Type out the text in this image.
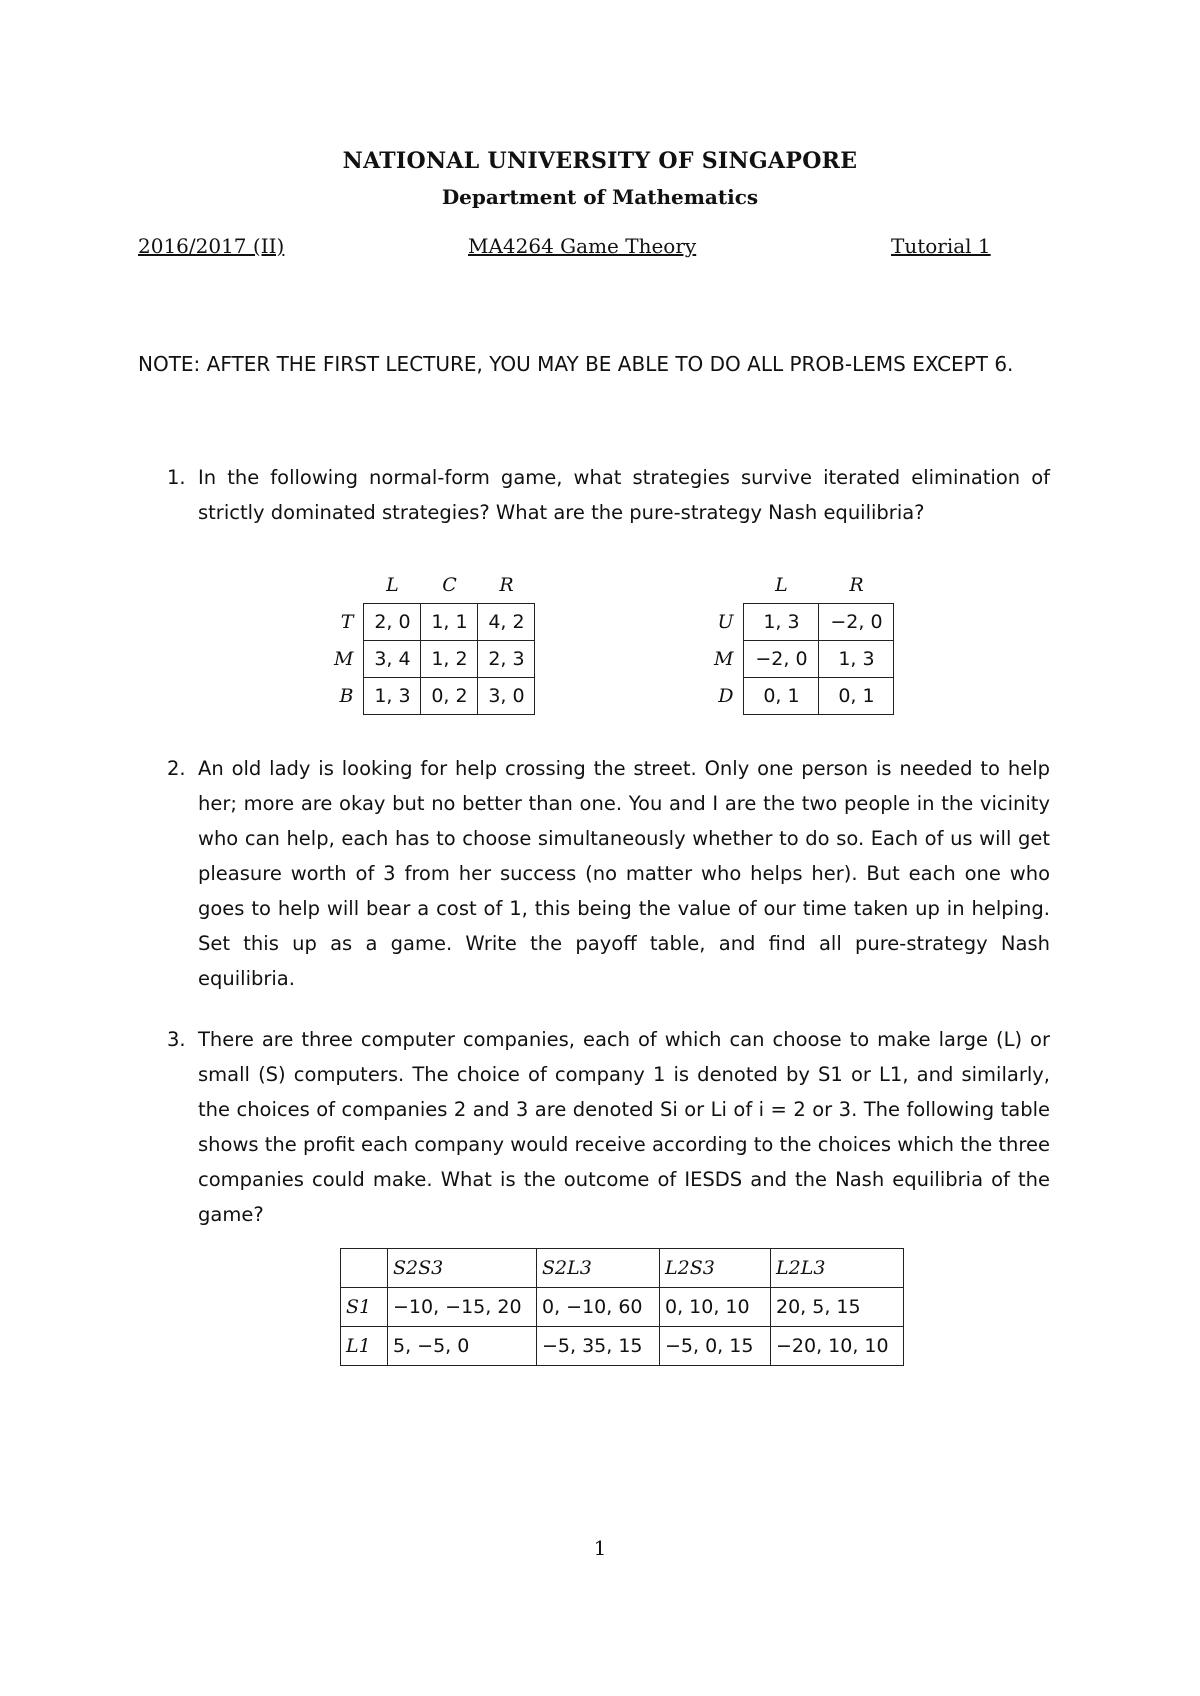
NATIONAL UNIVERSITY OF SINGAPORE
Department of Mathematics
2016/2017 (II)	MA4264 Game Theory	Tutorial 1
NOTE: AFTER THE FIRST LECTURE, YOU MAY BE ABLE TO DO ALL PROB-LEMS EXCEPT 6.
1. In the following normal-form game, what strategies survive iterated elimination of strictly dominated strategies? What are the pure-strategy Nash equilibria?
	L	C	R
T	2, 0	1, 1	4, 2
M	3, 4	1, 2	2, 3
B	1, 3	0, 2	3, 0
	L	R
U	1, 3	−2, 0
M	−2, 0	1, 3
D	0, 1	0, 1
2. An old lady is looking for help crossing the street. Only one person is needed to help her; more are okay but no better than one. You and I are the two people in the vicinity who can help, each has to choose simultaneously whether to do so. Each of us will get pleasure worth of 3 from her success (no matter who helps her). But each one who goes to help will bear a cost of 1, this being the value of our time taken up in helping. Set this up as a game. Write the payoff table, and find all pure-strategy Nash equilibria.
3. There are three computer companies, each of which can choose to make large (L) or small (S) computers. The choice of company 1 is denoted by S1 or L1, and similarly, the choices of companies 2 and 3 are denoted Si or Li of i = 2 or 3. The following table shows the profit each company would receive according to the choices which the three companies could make. What is the outcome of IESDS and the Nash equilibria of the game?
	S2S3	S2L3	L2S3	L2L3
S1	−10, −15, 20	0, −10, 60	0, 10, 10	20, 5, 15
L1	5, −5, 0	−5, 35, 15	−5, 0, 15	−20, 10, 10
1
